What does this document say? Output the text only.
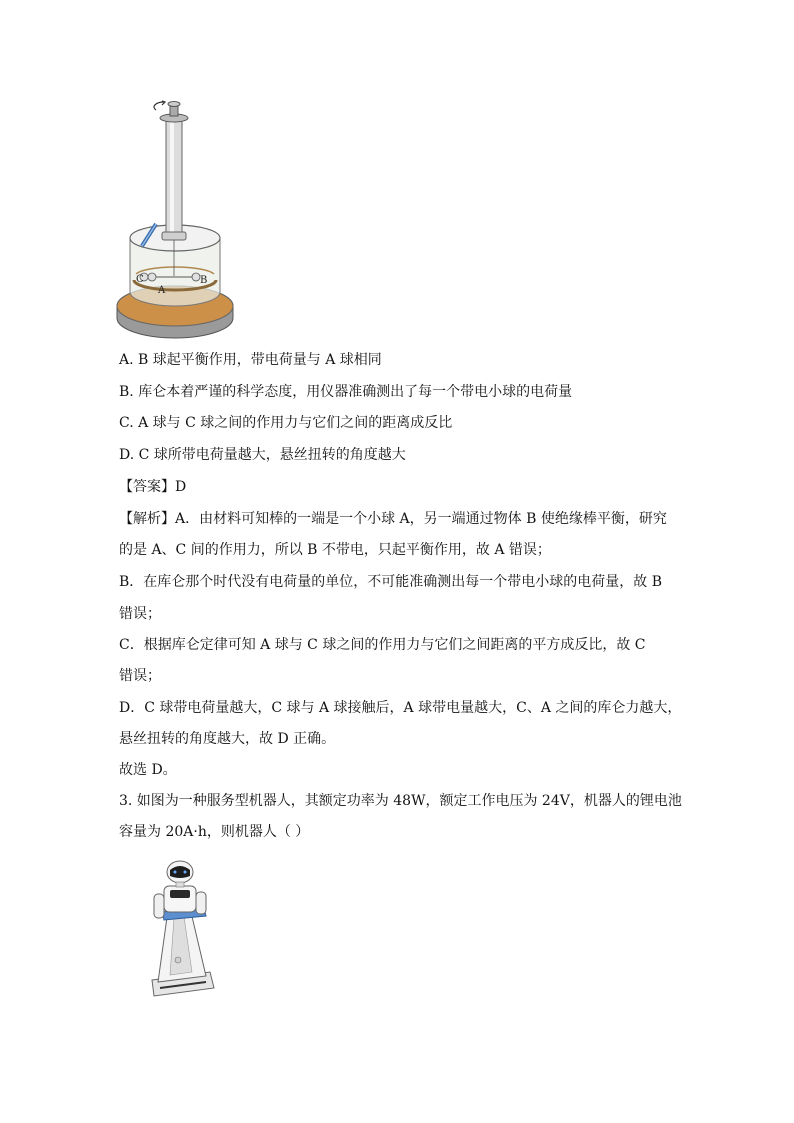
C
A
B
A. B 球起平衡作用，带电荷量与 A 球相同
B. 库仑本着严谨的科学态度，用仪器准确测出了每一个带电小球的电荷量
C. A 球与 C 球之间的作用力与它们之间的距离成反比
D. C 球所带电荷量越大，悬丝扭转的角度越大
【答案】D
【解析】A．由材料可知棒的一端是一个小球 A，另一端通过物体 B 使绝缘棒平衡，研究
的是 A、C 间的作用力，所以 B 不带电，只起平衡作用，故 A 错误；
B．在库仑那个时代没有电荷量的单位，不可能准确测出每一个带电小球的电荷量，故 B
错误；
C．根据库仑定律可知 A 球与 C 球之间的作用力与它们之间距离的平方成反比，故 C
错误；
D．C 球带电荷量越大，C 球与 A 球接触后，A 球带电量越大，C、A 之间的库仑力越大，
悬丝扭转的角度越大，故 D 正确。
故选 D。
3. 如图为一种服务型机器人，其额定功率为 48W，额定工作电压为 24V，机器人的锂电池
容量为 20A·h，则机器人（ ）
